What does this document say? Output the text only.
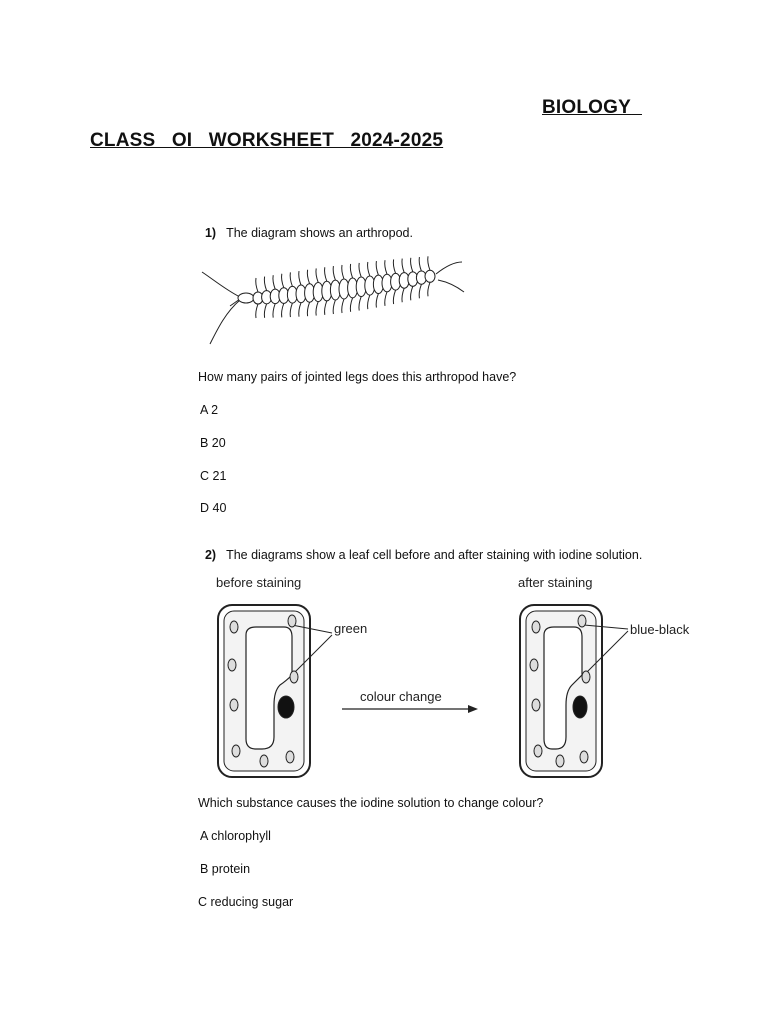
BIOLOGY
CLASS   OI   WORKSHEET   2024-2025

1) The diagram shows an arthropod.

How many pairs of jointed legs does this arthropod have?
A 2
B 20
C 21
D 40

2) The diagrams show a leaf cell before and after staining with iodine solution.

before staining	after staining
green
colour change
blue-black
Which substance causes the iodine solution to change colour?
A chlorophyll
B protein
C reducing sugar
